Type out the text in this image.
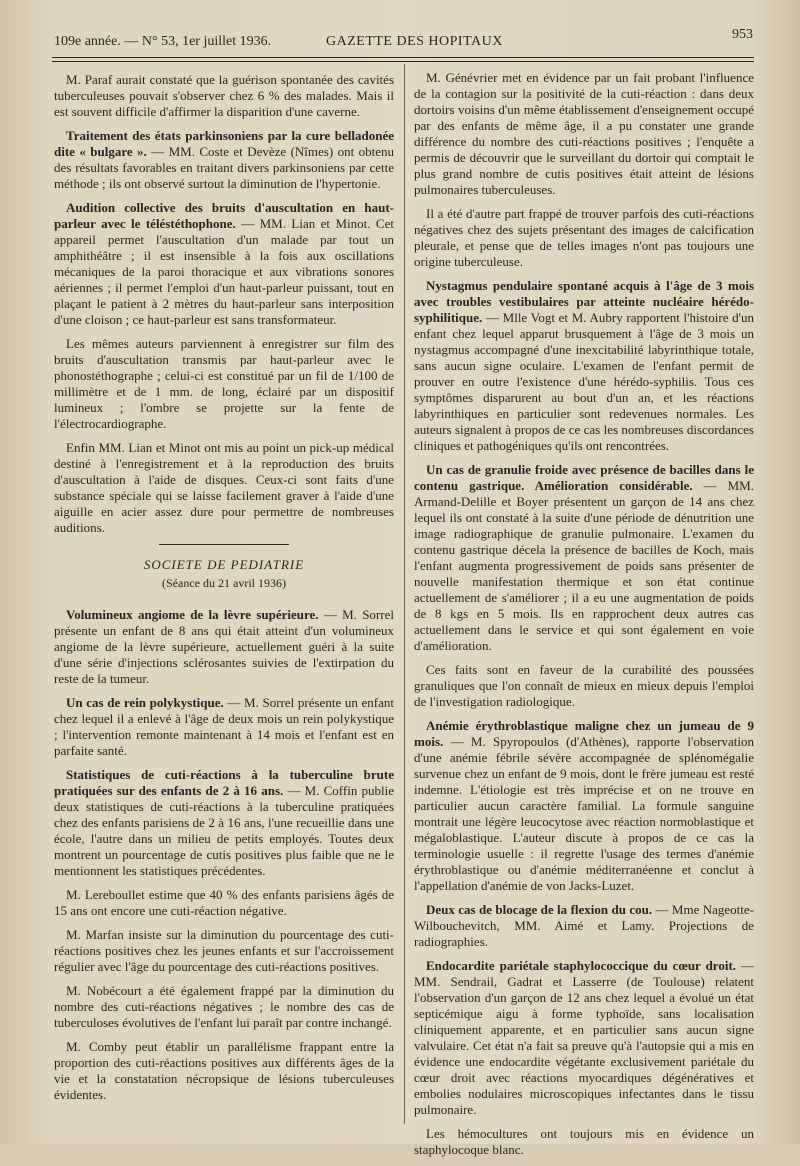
109e année. — N° 53, 1er juillet 1936.	GAZETTE DES HOPITAUX	953

M. Paraf aurait constaté que la guérison spontanée des cavités tuberculeuses pouvait s'observer chez 6 % des malades. Mais il est souvent difficile d'affirmer la disparition d'une caverne.

Traitement des états parkinsoniens par la cure belladonée dite « bulgare ». — MM. Coste et Devèze (Nîmes) ont obtenu des résultats favorables en traitant divers parkinsoniens par cette méthode ; ils ont observé surtout la diminution de l'hypertonie.

Audition collective des bruits d'auscultation en haut-parleur avec le téléstéthophone. — MM. Lian et Minot. Cet appareil permet l'auscultation d'un malade par tout un amphithéâtre ; il est insensible à la fois aux oscillations mécaniques de la paroi thoracique et aux vibrations sonores aériennes ; il permet l'emploi d'un haut-parleur puissant, tout en plaçant le patient à 2 mètres du haut-parleur sans interposition d'une cloison ; ce haut-parleur est sans transformateur.

Les mêmes auteurs parviennent à enregistrer sur film des bruits d'auscultation transmis par haut-parleur avec le phonostéthographe ; celui-ci est constitué par un fil de 1/100 de millimètre et de 1 mm. de long, éclairé par un dispositif lumineux ; l'ombre se projette sur la fente de l'électrocardiographe.

Enfin MM. Lian et Minot ont mis au point un pick-up médical destiné à l'enregistrement et à la reproduction des bruits d'auscultation à l'aide de disques. Ceux-ci sont faits d'une substance spéciale qui se laisse facilement graver à l'aide d'une aiguille en acier assez dure pour permettre de nombreuses auditions.

SOCIETE DE PEDIATRIE
(Séance du 21 avril 1936)

Volumineux angiome de la lèvre supérieure. — M. Sorrel présente un enfant de 8 ans qui était atteint d'un volumineux angiome de la lèvre supérieure, actuellement guéri à la suite d'une série d'injections sclérosantes suivies de l'extirpation du reste de la tumeur.

Un cas de rein polykystique. — M. Sorrel présente un enfant chez lequel il a enlevé à l'âge de deux mois un rein polykystique ; l'intervention remonte maintenant à 14 mois et l'enfant est en parfaite santé.

Statistiques de cuti-réactions à la tuberculine brute pratiquées sur des enfants de 2 à 16 ans. — M. Coffin publie deux statistiques de cuti-réactions à la tuberculine pratiquées chez des enfants parisiens de 2 à 16 ans, l'une recueillie dans une école, l'autre dans un milieu de petits employés. Toutes deux montrent un pourcentage de cutis positives plus faible que ne le mentionnent les statistiques précédentes.

M. Lereboullet estime que 40 % des enfants parisiens âgés de 15 ans ont encore une cuti-réaction négative.

M. Marfan insiste sur la diminution du pourcentage des cuti-réactions positives chez les jeunes enfants et sur l'accroissement régulier avec l'âge du pourcentage des cuti-réactions positives.

M. Nobécourt a été également frappé par la diminution du nombre des cuti-réactions négatives ; le nombre des cas de tuberculoses évolutives de l'enfant lui paraît par contre inchangé.

M. Comby peut établir un parallélisme frappant entre la proportion des cuti-réactions positives aux différents âges de la vie et la constatation nécropsique de lésions tuberculeuses évidentes.

M. Génévrier met en évidence par un fait probant l'influence de la contagion sur la positivité de la cuti-réaction : dans deux dortoirs voisins d'un même établissement d'enseignement occupé par des enfants de même âge, il a pu constater une grande différence du nombre des cuti-réactions positives ; l'enquête a permis de découvrir que le surveillant du dortoir qui comptait le plus grand nombre de cutis positives était atteint de lésions pulmonaires tuberculeuses.

Il a été d'autre part frappé de trouver parfois des cuti-réactions négatives chez des sujets présentant des images de calcification pleurale, et pense que de telles images n'ont pas toujours une origine tuberculeuse.

Nystagmus pendulaire spontané acquis à l'âge de 3 mois avec troubles vestibulaires par atteinte nucléaire hérédo-syphilitique. — Mlle Vogt et M. Aubry rapportent l'histoire d'un enfant chez lequel apparut brusquement à l'âge de 3 mois un nystagmus accompagné d'une inexcitabilité labyrinthique totale, sans aucun signe oculaire. L'examen de l'enfant permit de prouver en outre l'existence d'une hérédo-syphilis. Tous ces symptômes disparurent au bout d'un an, et les réactions labyrinthiques en particulier sont redevenues normales. Les auteurs signalent à propos de ce cas les nombreuses discordances cliniques et pathogéniques qu'ils ont rencontrées.

Un cas de granulie froide avec présence de bacilles dans le contenu gastrique. Amélioration considérable. — MM. Armand-Delille et Boyer présentent un garçon de 14 ans chez lequel ils ont constaté à la suite d'une période de dénutrition une image radiographique de granulie pulmonaire. L'examen du contenu gastrique décela la présence de bacilles de Koch, mais l'enfant augmenta progressivement de poids sans présenter de nouvelle manifestation thermique et son état continue actuellement de s'améliorer ; il a eu une augmentation de poids de 8 kgs en 5 mois. Ils en rapprochent deux autres cas actuellement dans le service et qui sont également en voie d'amélioration.

Ces faits sont en faveur de la curabilité des poussées granuliques que l'on connaît de mieux en mieux depuis l'emploi de l'investigation radiologique.

Anémie érythroblastique maligne chez un jumeau de 9 mois. — M. Spyropoulos (d'Athènes), rapporte l'observation d'une anémie fébrile sévère accompagnée de splénomégalie survenue chez un enfant de 9 mois, dont le frère jumeau est resté indemne. L'étiologie est très imprécise et on ne trouve en particulier aucun caractère familial. La formule sanguine montrait une légère leucocytose avec réaction normoblastique et mégaloblastique. L'auteur discute à propos de ce cas la terminologie usuelle : il regrette l'usage des termes d'anémie érythroblastique ou d'anémie méditerranéenne et conclut à l'appellation d'anémie de von Jacks-Luzet.

Deux cas de blocage de la flexion du cou. — Mme Nageotte-Wilbouchevitch, MM. Aimé et Lamy. Projections de radiographies.

Endocardite pariétale staphylococcique du cœur droit. — MM. Sendrail, Gadrat et Lasserre (de Toulouse) relatent l'observation d'un garçon de 12 ans chez lequel a évolué un état septicémique aigu à forme typhoïde, sans localisation cliniquement apparente, et en particulier sans aucun signe valvulaire. Cet état n'a fait sa preuve qu'à l'autopsie qui a mis en évidence une endocardite végétante exclusivement pariétale du cœur droit avec réactions myocardiques dégénératives et embolies nodulaires microscopiques infectantes dans le tissu pulmonaire.

Les hémocultures ont toujours mis en évidence un staphylocoque blanc.
